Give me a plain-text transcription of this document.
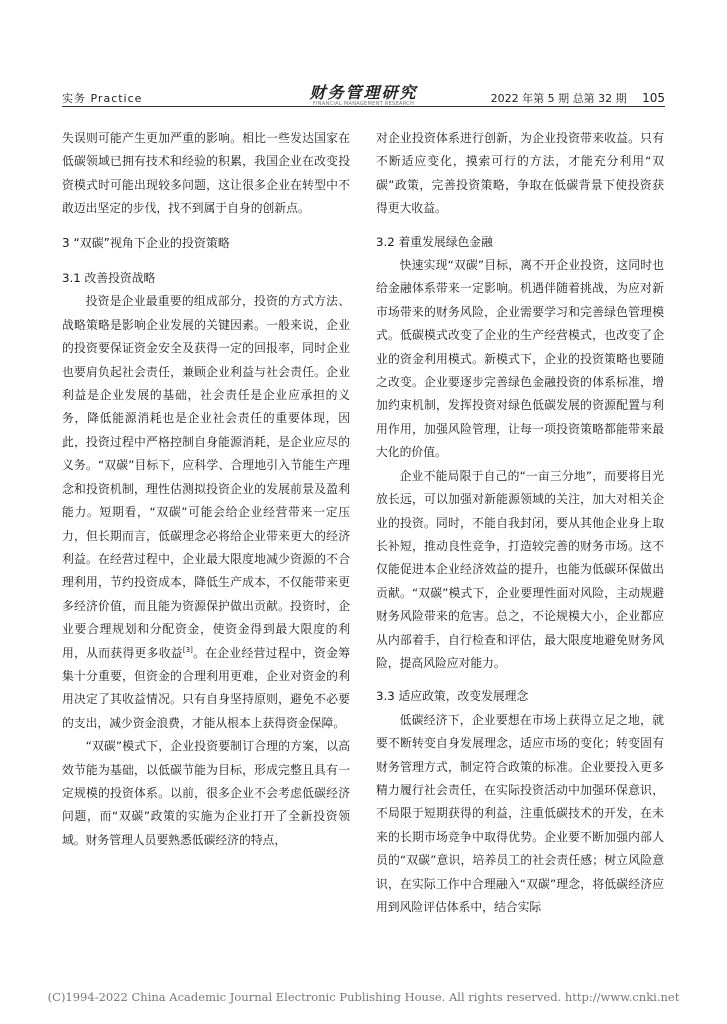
实务 Practice	财务管理研究
FINANCIAL MANAGEMENT RESEARCH	2022 年第 5 期 总第 32 期 105

失误则可能产生更加严重的影响。相比一些发达国家在低碳领域已拥有技术和经验的积累，我国企业在改变投资模式时可能出现较多问题，这让很多企业在转型中不敢迈出坚定的步伐，找不到属于自身的创新点。

3 “双碳”视角下企业的投资策略
3.1 改善投资战略

投资是企业最重要的组成部分，投资的方式方法、战略策略是影响企业发展的关键因素。一般来说，企业的投资要保证资金安全及获得一定的回报率，同时企业也要肩负起社会责任，兼顾企业利益与社会责任。企业利益是企业发展的基础，社会责任是企业应承担的义务，降低能源消耗也是企业社会责任的重要体现，因此，投资过程中严格控制自身能源消耗，是企业应尽的义务。“双碳”目标下，应科学、合理地引入节能生产理念和投资机制，理性估测拟投资企业的发展前景及盈利能力。短期看，“双碳”可能会给企业经营带来一定压力，但长期而言，低碳理念必将给企业带来更大的经济利益。在经营过程中，企业最大限度地减少资源的不合理利用，节约投资成本，降低生产成本，不仅能带来更多经济价值，而且能为资源保护做出贡献。投资时，企业要合理规划和分配资金，使资金得到最大限度的利用，从而获得更多收益[3]。在企业经营过程中，资金筹集十分重要，但资金的合理利用更难，企业对资金的利用决定了其收益情况。只有自身坚持原则，避免不必要的支出，减少资金浪费，才能从根本上获得资金保障。

“双碳”模式下，企业投资要制订合理的方案，以高效节能为基础，以低碳节能为目标，形成完整且具有一定规模的投资体系。以前，很多企业不会考虑低碳经济问题，而“双碳”政策的实施为企业打开了全新投资领域。财务管理人员要熟悉低碳经济的特点，

对企业投资体系进行创新，为企业投资带来收益。只有不断适应变化，摸索可行的方法，才能充分利用“双碳”政策，完善投资策略，争取在低碳背景下使投资获得更大收益。

3.2 着重发展绿色金融

快速实现“双碳”目标，离不开企业投资，这同时也给金融体系带来一定影响。机遇伴随着挑战，为应对新市场带来的财务风险，企业需要学习和完善绿色管理模式。低碳模式改变了企业的生产经营模式，也改变了企业的资金利用模式。新模式下，企业的投资策略也要随之改变。企业要逐步完善绿色金融投资的体系标准，增加约束机制，发挥投资对绿色低碳发展的资源配置与利用作用，加强风险管理，让每一项投资策略都能带来最大化的价值。

企业不能局限于自己的“一亩三分地”，而要将目光放长远，可以加强对新能源领域的关注，加大对相关企业的投资。同时，不能自我封闭，要从其他企业身上取长补短，推动良性竞争，打造较完善的财务市场。这不仅能促进本企业经济效益的提升，也能为低碳环保做出贡献。“双碳”模式下，企业要理性面对风险，主动规避财务风险带来的危害。总之，不论规模大小，企业都应从内部着手，自行检查和评估，最大限度地避免财务风险，提高风险应对能力。

3.3 适应政策，改变发展理念

低碳经济下，企业要想在市场上获得立足之地，就要不断转变自身发展理念，适应市场的变化；转变固有财务管理方式，制定符合政策的标准。企业要投入更多精力履行社会责任，在实际投资活动中加强环保意识，不局限于短期获得的利益，注重低碳技术的开发，在未来的长期市场竞争中取得优势。企业要不断加强内部人员的“双碳”意识，培养员工的社会责任感；树立风险意识，在实际工作中合理融入“双碳”理念，将低碳经济应用到风险评估体系中，结合实际

(C)1994-2022 China Academic Journal Electronic Publishing House. All rights reserved. http://www.cnki.net
